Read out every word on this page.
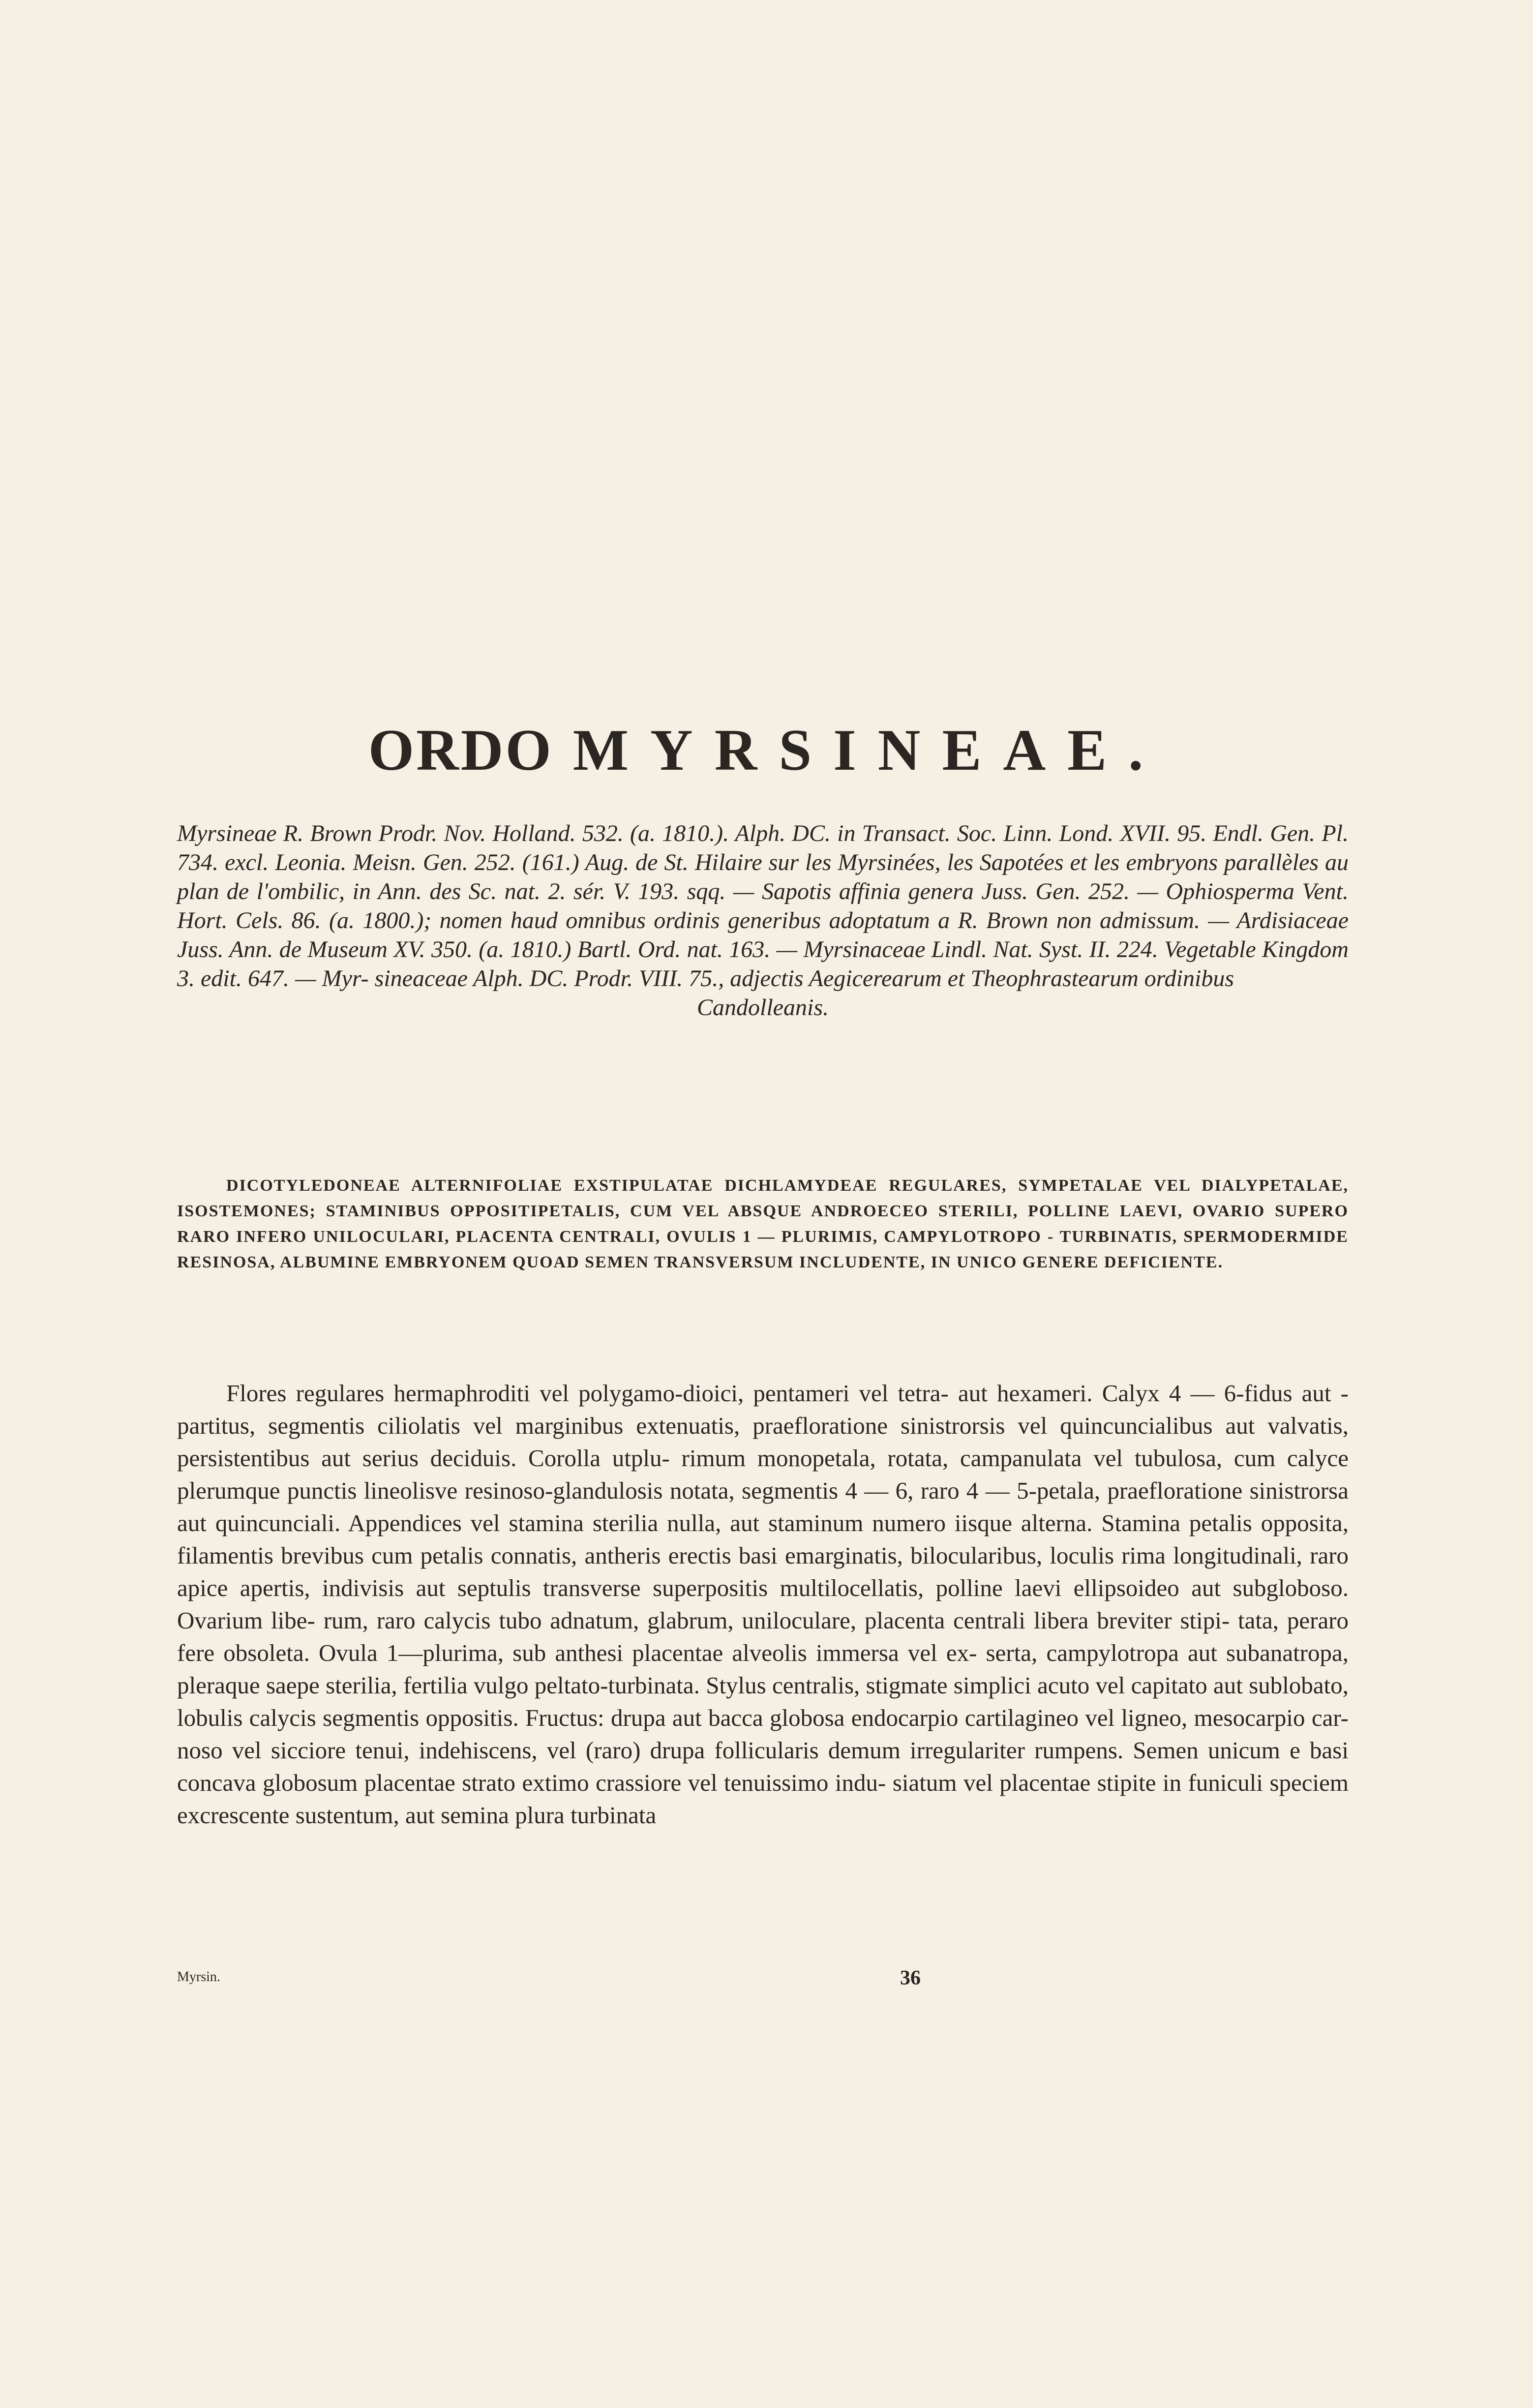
ORDO MYRSINEAE.
Myrsineae R. Brown Prodr. Nov. Holland. 532. (a. 1810.). Alph. DC. in Transact. Soc. Linn. Lond. XVII. 95. Endl. Gen. Pl. 734. excl. Leonia. Meisn. Gen. 252. (161.) Aug. de St. Hilaire sur les Myrsinées, les Sapotées et les embryons parallèles au plan de l'ombilic, in Ann. des Sc. nat. 2. sér. V. 193. sqq. — Sapotis affinia genera Juss. Gen. 252. — Ophiosperma Vent. Hort. Cels. 86. (a. 1800.); nomen haud omnibus ordinis generibus adoptatum a R. Brown non admissum. — Ardisiaceae Juss. Ann. de Museum XV. 350. (a. 1810.) Bartl. Ord. nat. 163. — Myrsinaceae Lindl. Nat. Syst. II. 224. Vegetable Kingdom 3. edit. 647. — Myr- sineaceae Alph. DC. Prodr. VIII. 75., adjectis Aegicerearum et Theophrastearum ordinibus
Candolleanis.
DICOTYLEDONEAE ALTERNIFOLIAE EXSTIPULATAE DICHLAMYDEAE REGULARES, SYMPETALAE VEL DIALYPETALAE, ISOSTEMONES; STAMINIBUS OPPOSITIPETALIS, CUM VEL ABSQUE ANDROECEO STERILI, POLLINE LAEVI, OVARIO SUPERO RARO INFERO UNILOCULARI, PLACENTA CENTRALI, OVULIS 1 — PLURIMIS, CAMPYLOTROPO - TURBINATIS, SPERMODERMIDE RESINOSA, ALBUMINE EMBRYONEM QUOAD SEMEN TRANSVERSUM INCLUDENTE, IN UNICO GENERE DEFICIENTE.
Flores regulares hermaphroditi vel polygamo-dioici, pentameri vel tetra- aut hexameri. Calyx 4 — 6-fidus aut -partitus, segmentis ciliolatis vel marginibus extenuatis, praefloratione sinistrorsis vel quincuncialibus aut valvatis, persistentibus aut serius deciduis. Corolla utplu- rimum monopetala, rotata, campanulata vel tubulosa, cum calyce plerumque punctis lineolisve resinoso-glandulosis notata, segmentis 4 — 6, raro 4 — 5-petala, praefloratione sinistrorsa aut quincunciali. Appendices vel stamina sterilia nulla, aut staminum numero iisque alterna. Stamina petalis opposita, filamentis brevibus cum petalis connatis, antheris erectis basi emarginatis, bilocularibus, loculis rima longitudinali, raro apice apertis, indivisis aut septulis transverse superpositis multilocellatis, polline laevi ellipsoideo aut subgloboso. Ovarium libe- rum, raro calycis tubo adnatum, glabrum, uniloculare, placenta centrali libera breviter stipi- tata, peraro fere obsoleta. Ovula 1—plurima, sub anthesi placentae alveolis immersa vel ex- serta, campylotropa aut subanatropa, pleraque saepe sterilia, fertilia vulgo peltato-turbinata. Stylus centralis, stigmate simplici acuto vel capitato aut sublobato, lobulis calycis segmentis oppositis. Fructus: drupa aut bacca globosa endocarpio cartilagineo vel ligneo, mesocarpio car- noso vel sicciore tenui, indehiscens, vel (raro) drupa follicularis demum irregulariter rumpens. Semen unicum e basi concava globosum placentae strato extimo crassiore vel tenuissimo indu- siatum vel placentae stipite in funiculi speciem excrescente sustentum, aut semina plura turbinata
Myrsin.	36
